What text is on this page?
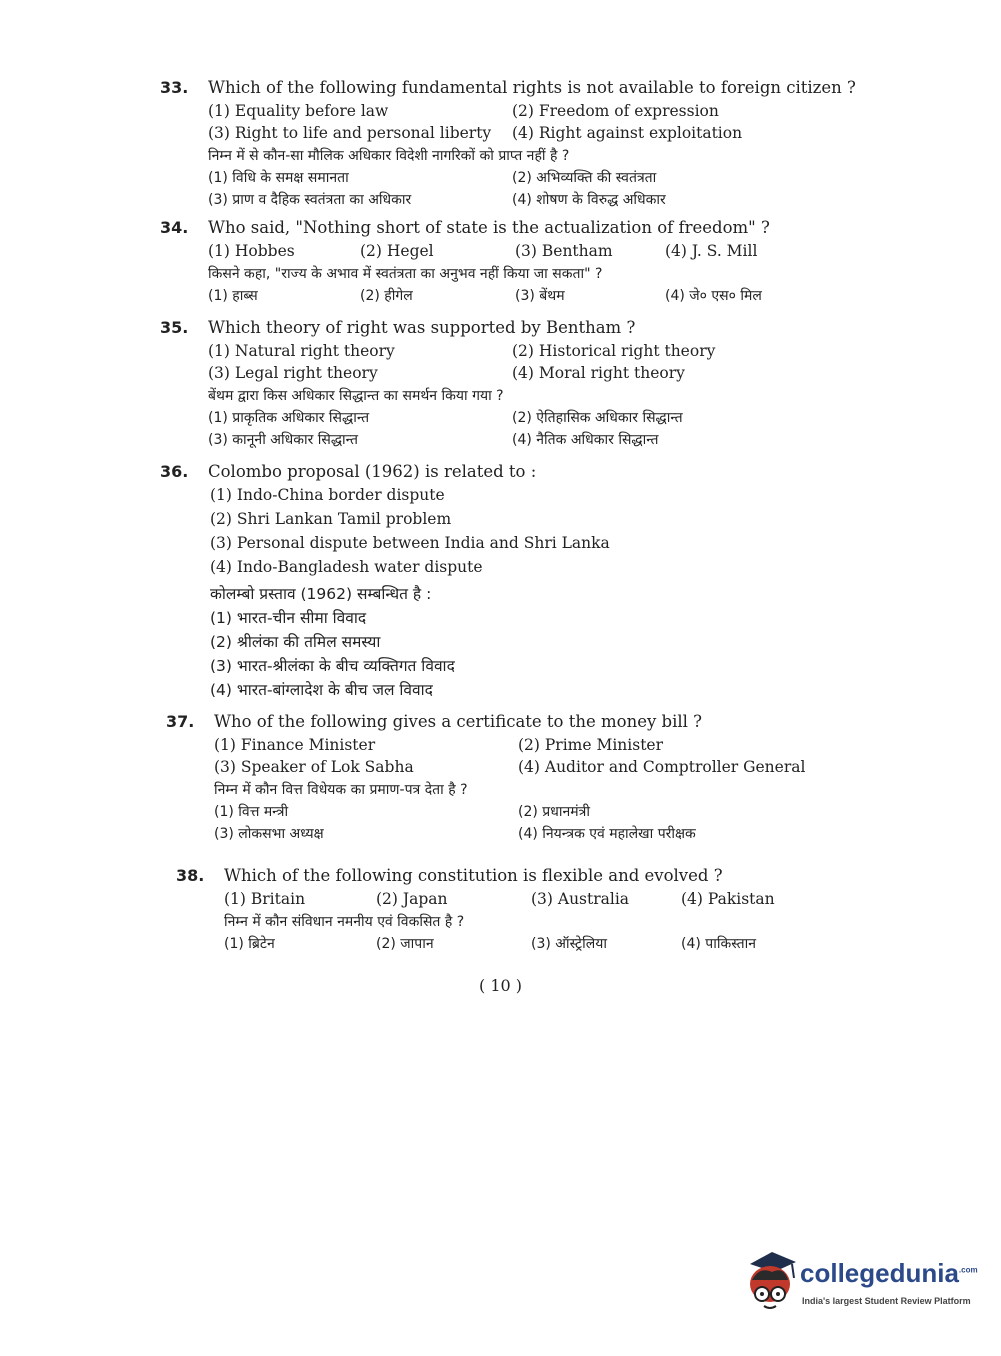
33. Which of the following fundamental rights is not available to foreign citizen ?
(1) Equality before law	(2) Freedom of expression
(3) Right to life and personal liberty (4) Right against exploitation
निम्न में से कौन-सा मौलिक अधिकार विदेशी नागरिकों को प्राप्त नहीं है ?
(1) विधि के समक्ष समानता	(2) अभिव्यक्ति की स्वतंत्रता
(3) प्राण व दैहिक स्वतंत्रता का अधिकार	(4) शोषण के विरुद्ध अधिकार
34. Who said, "Nothing short of state is the actualization of freedom" ?
(1) Hobbes	(2) Hegel	(3) Bentham	(4) J. S. Mill
किसने कहा, "राज्य के अभाव में स्वतंत्रता का अनुभव नहीं किया जा सकता" ?
(1) हाब्स	(2) हीगेल	(3) बेंथम	(4) जे० एस० मिल
35. Which theory of right was supported by Bentham ?
(1) Natural right theory	(2) Historical right theory
(3) Legal right theory	(4) Moral right theory
बेंथम द्वारा किस अधिकार सिद्धान्त का समर्थन किया गया ?
(1) प्राकृतिक अधिकार सिद्धान्त	(2) ऐतिहासिक अधिकार सिद्धान्त
(3) कानूनी अधिकार सिद्धान्त	(4) नैतिक अधिकार सिद्धान्त
36. Colombo proposal (1962) is related to :
(1) Indo-China border dispute
(2) Shri Lankan Tamil problem
(3) Personal dispute between India and Shri Lanka
(4) Indo-Bangladesh water dispute
कोलम्बो प्रस्ताव (1962) सम्बन्धित है :
(1) भारत-चीन सीमा विवाद
(2) श्रीलंका की तमिल समस्या
(3) भारत-श्रीलंका के बीच व्यक्तिगत विवाद
(4) भारत-बांग्लादेश के बीच जल विवाद
37. Who of the following gives a certificate to the money bill ?
(1) Finance Minister	(2) Prime Minister
(3) Speaker of Lok Sabha	(4) Auditor and Comptroller General
निम्न में कौन वित्त विधेयक का प्रमाण-पत्र देता है ?
(1) वित्त मन्त्री	(2) प्रधानमंत्री
(3) लोकसभा अध्यक्ष	(4) नियन्त्रक एवं महालेखा परीक्षक
38. Which of the following constitution is flexible and evolved ?
(1) Britain	(2) Japan	(3) Australia	(4) Pakistan
निम्न में कौन संविधान नमनीय एवं विकसित है ?
(1) ब्रिटेन	(2) जापान	(3) ऑस्ट्रेलिया	(4) पाकिस्तान
( 10 )
collegedunia$^{.com}$
India's largest Student Review Platform
